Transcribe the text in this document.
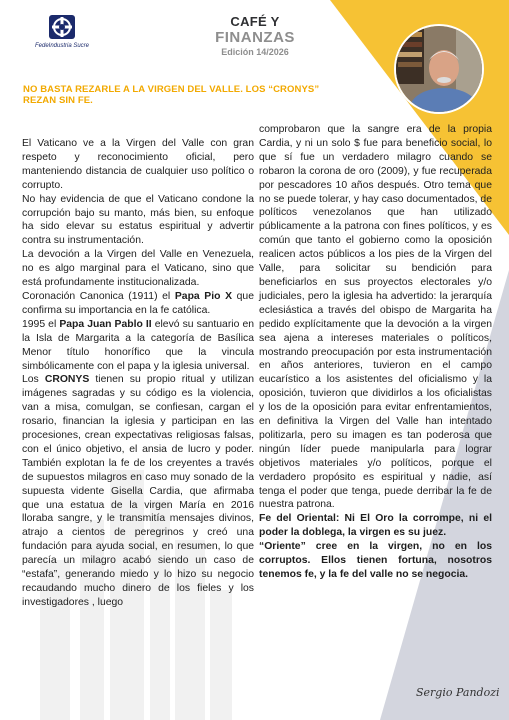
FedeIndustria Sucre
CAFÉ Y
FINANZAS
Edición 14/2026
NO BASTA REZARLE A LA VIRGEN DEL VALLE. LOS “CRONYS” REZAN SIN FE.

El Vaticano ve a la Virgen del Valle con gran respeto y reconocimiento oficial, pero manteniendo distancia de cualquier uso político o corrupto.

No hay evidencia de que el Vaticano condone la corrupción bajo su manto, más bien, su enfoque ha sido elevar su estatus espiritual y advertir contra su instrumentación.

La devoción a la Virgen del Valle en Venezuela, no es algo marginal para el Vaticano, sino que está profundamente institucionalizada.

Coronación Canonica (1911) el Papa Pio X que confirma su importancia en la fe católica.

1995 el Papa Juan Pablo II elevó su santuario en la Isla de Margarita a la categoría de Basílica Menor título honorífico que la vincula simbólicamente con el papa y la iglesia universal.

Los CRONYS tienen su propio ritual y utilizan imágenes sagradas y su código es la violencia, van a misa, comulgan, se confiesan, cargan el rosario, financian la iglesia y participan en las procesiones, crean expectativas religiosas falsas, con el único objetivo, el ansia de lucro y poder. También explotan la fe de los creyentes a través de supuestos milagros en caso muy sonado de la supuesta vidente Gisella Cardia, que afirmaba que una estatua de la virgen María en 2016 lloraba sangre, y le transmitía mensajes divinos, atrajo a cientos de peregrinos y creó una fundación para ayuda social, en resumen, lo que parecía un milagro acabó siendo un caso de “estafa”, generando miedo y lo hizo su negocio recaudando mucho dinero de los fieles y los investigadores , luego

comprobaron que la sangre era de la propia Cardia, y ni un solo $ fue para beneficio social, lo que sí fue un verdadero milagro cuando se robaron la corona de oro (2009), y fue recuperada por pescadores 10 años después. Otro tema que no se puede tolerar, y hay caso documentados, de políticos venezolanos que han utilizado públicamente a la patrona con fines políticos, y es común que tanto el gobierno como la oposición realicen actos públicos a los pies de la Virgen del Valle, para solicitar su bendición para beneficiarlos en sus proyectos electorales y/o judiciales, pero la iglesia ha advertido: la jerarquía eclesiástica a través del obispo de Margarita ha pedido explícitamente que la devoción a la virgen sea ajena a intereses materiales o políticos, mostrando preocupación por esta instrumentación en años anteriores, tuvieron en el campo eucarístico a los asistentes del oficialismo y la oposición, tuvieron que dividirlos a los oficialistas y los de la oposición para evitar enfrentamientos, en definitiva la Virgen del Valle han intentado politizarla, pero su imagen es tan poderosa que ningún líder puede manipularla para lograr objetivos materiales y/o políticos, porque el verdadero propósito es espiritual y nadie, así tenga el poder que tenga, puede derribar la fe de nuestra patrona.

Fe del Oriental: Ni El Oro la corrompe, ni el poder la doblega, la virgen es su juez.

“Oriente” cree en la virgen, no en los corruptos. Ellos tienen fortuna, nosotros tenemos fe, y la fe del valle no se negocia.

Sergio Pandozi
